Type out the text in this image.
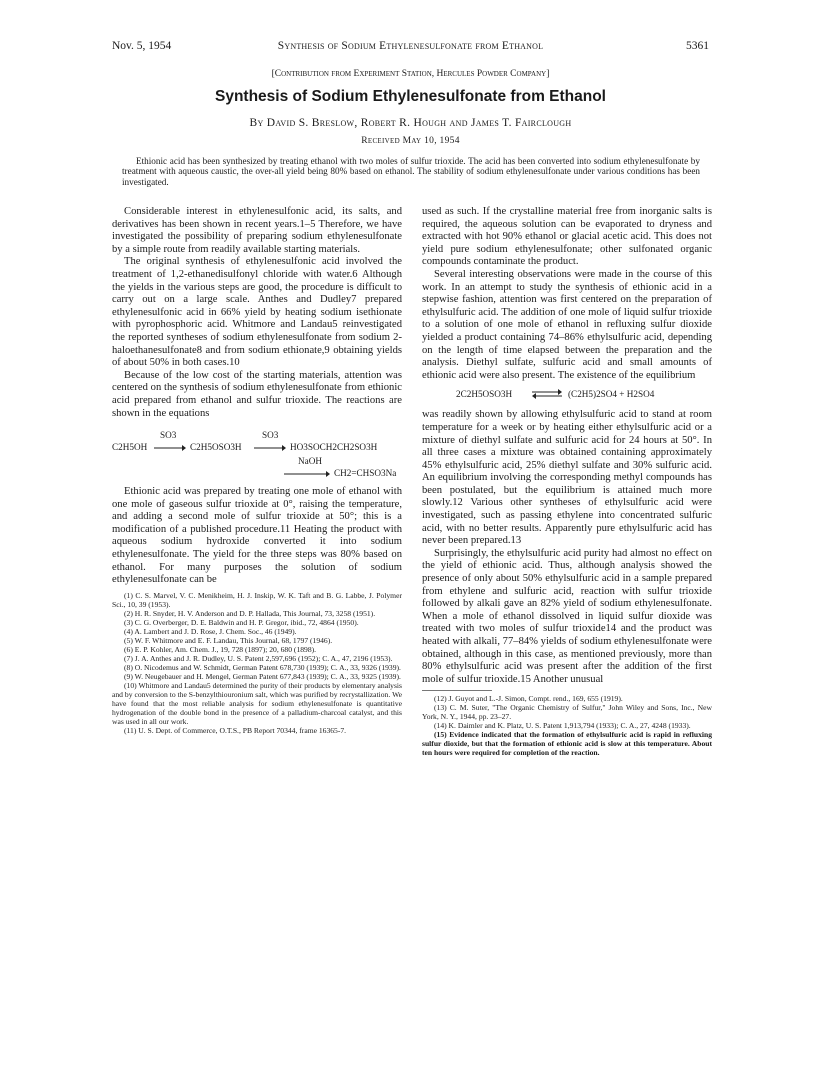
Nov. 5, 1954	Synthesis of Sodium Ethylenesulfonate from Ethanol	5361
[Contribution from Experiment Station, Hercules Powder Company]
Synthesis of Sodium Ethylenesulfonate from Ethanol
By David S. Breslow, Robert R. Hough and James T. Fairclough
Received May 10, 1954
Ethionic acid has been synthesized by treating ethanol with two moles of sulfur trioxide. The acid has been converted into sodium ethylenesulfonate by treatment with aqueous caustic, the over-all yield being 80% based on ethanol. The stability of sodium ethylenesulfonate under various conditions has been investigated.

Considerable interest in ethylenesulfonic acid, its salts, and derivatives has been shown in recent years.1–5 Therefore, we have investigated the possibility of preparing sodium ethylenesulfonate by a simple route from readily available starting materials.

The original synthesis of ethylenesulfonic acid involved the treatment of 1,2-ethanedisulfonyl chloride with water.6 Although the yields in the various steps are good, the procedure is difficult to carry out on a large scale. Anthes and Dudley7 prepared ethylenesulfonic acid in 66% yield by heating sodium isethionate with pyrophosphoric acid. Whitmore and Landau5 reinvestigated the reported syntheses of sodium ethylenesulfonate from sodium 2-haloethanesulfonate8 and from sodium ethionate,9 obtaining yields of about 50% in both cases.10

Because of the low cost of the starting materials, attention was centered on the synthesis of sodium ethylenesulfonate from ethionic acid prepared from ethanol and sulfur trioxide. The reactions are shown in the equations

C2H5OH
SO3
→ C2H5OSO3H
SO3
→ HO3SOCH2CH2SO3H
NaOH
CH2=CHSO3Na

Ethionic acid was prepared by treating one mole of ethanol with one mole of gaseous sulfur trioxide at 0°, raising the temperature, and adding a second mole of sulfur trioxide at 50°; this is a modification of a published procedure.11 Heating the product with aqueous sodium hydroxide converted it into sodium ethylenesulfonate. The yield for the three steps was 80% based on ethanol. For many purposes the solution of sodium ethylenesulfonate can be

(1) C. S. Marvel, V. C. Menikheim, H. J. Inskip, W. K. Taft and B. G. Labbe, J. Polymer Sci., 10, 39 (1953).

(2) H. R. Snyder, H. V. Anderson and D. P. Hallada, This Journal, 73, 3258 (1951).

(3) C. G. Overberger, D. E. Baldwin and H. P. Gregor, ibid., 72, 4864 (1950).

(4) A. Lambert and J. D. Rose, J. Chem. Soc., 46 (1949).

(5) W. F. Whitmore and E. F. Landau, This Journal, 68, 1797 (1946).

(6) E. P. Kohler, Am. Chem. J., 19, 728 (1897); 20, 680 (1898).

(7) J. A. Anthes and J. R. Dudley, U. S. Patent 2,597,696 (1952); C. A., 47, 2196 (1953).

(8) O. Nicodemus and W. Schmidt, German Patent 678,730 (1939); C. A., 33, 9326 (1939).

(9) W. Neugebauer and H. Mengel, German Patent 677,843 (1939); C. A., 33, 9325 (1939).

(10) Whitmore and Landau5 determined the purity of their products by elementary analysis and by conversion to the S-benzylthiouronium salt, which was purified by recrystallization. We have found that the most reliable analysis for sodium ethylenesulfonate is quantitative hydrogenation of the double bond in the presence of a palladium-charcoal catalyst, and this was used in all our work.

(11) U. S. Dept. of Commerce, O.T.S., PB Report 70344, frame 16365-7.

used as such. If the crystalline material free from inorganic salts is required, the aqueous solution can be evaporated to dryness and extracted with hot 90% ethanol or glacial acetic acid. This does not yield pure sodium ethylenesulfonate; other sulfonated organic compounds contaminate the product.

Several interesting observations were made in the course of this work. In an attempt to study the synthesis of ethionic acid in a stepwise fashion, attention was first centered on the preparation of ethylsulfuric acid. The addition of one mole of liquid sulfur trioxide to a solution of one mole of ethanol in refluxing sulfur dioxide yielded a product containing 74–86% ethylsulfuric acid, depending on the length of time elapsed between the preparation and the analysis. Diethyl sulfate, sulfuric acid and small amounts of ethionic acid were also present. The existence of the equilibrium

2C2H5OSO3H ⇌ (C2H5)2SO4 + H2SO4

was readily shown by allowing ethylsulfuric acid to stand at room temperature for a week or by heating either ethylsulfuric acid or a mixture of diethyl sulfate and sulfuric acid for 24 hours at 50°. In all three cases a mixture was obtained containing approximately 45% ethylsulfuric acid, 25% diethyl sulfate and 30% sulfuric acid. An equilibrium involving the corresponding methyl compounds has been postulated, but the equilibrium is attained much more slowly.12 Various other syntheses of ethylsulfuric acid were investigated, such as passing ethylene into concentrated sulfuric acid, with no better results. Apparently pure ethylsulfuric acid has never been prepared.13

Surprisingly, the ethylsulfuric acid purity had almost no effect on the yield of ethionic acid. Thus, although analysis showed the presence of only about 50% ethylsulfuric acid in a sample prepared from ethylene and sulfuric acid, reaction with sulfur trioxide followed by alkali gave an 82% yield of sodium ethylenesulfonate. When a mole of ethanol dissolved in liquid sulfur dioxide was treated with two moles of sulfur trioxide14 and the product was heated with alkali, 77–84% yields of sodium ethylenesulfonate were obtained, although in this case, as mentioned previously, more than 80% ethylsulfuric acid was present after the addition of the first mole of sulfur trioxide.15 Another unusual

(12) J. Guyot and L.-J. Simon, Compt. rend., 169, 655 (1919).

(13) C. M. Suter, "The Organic Chemistry of Sulfur," John Wiley and Sons, Inc., New York, N. Y., 1944, pp. 23–27.

(14) K. Daimler and K. Platz, U. S. Patent 1,913,794 (1933); C. A., 27, 4248 (1933).

(15) Evidence indicated that the formation of ethylsulfuric acid is rapid in refluxing sulfur dioxide, but that the formation of ethionic acid is slow at this temperature. About ten hours were required for completion of the reaction.
